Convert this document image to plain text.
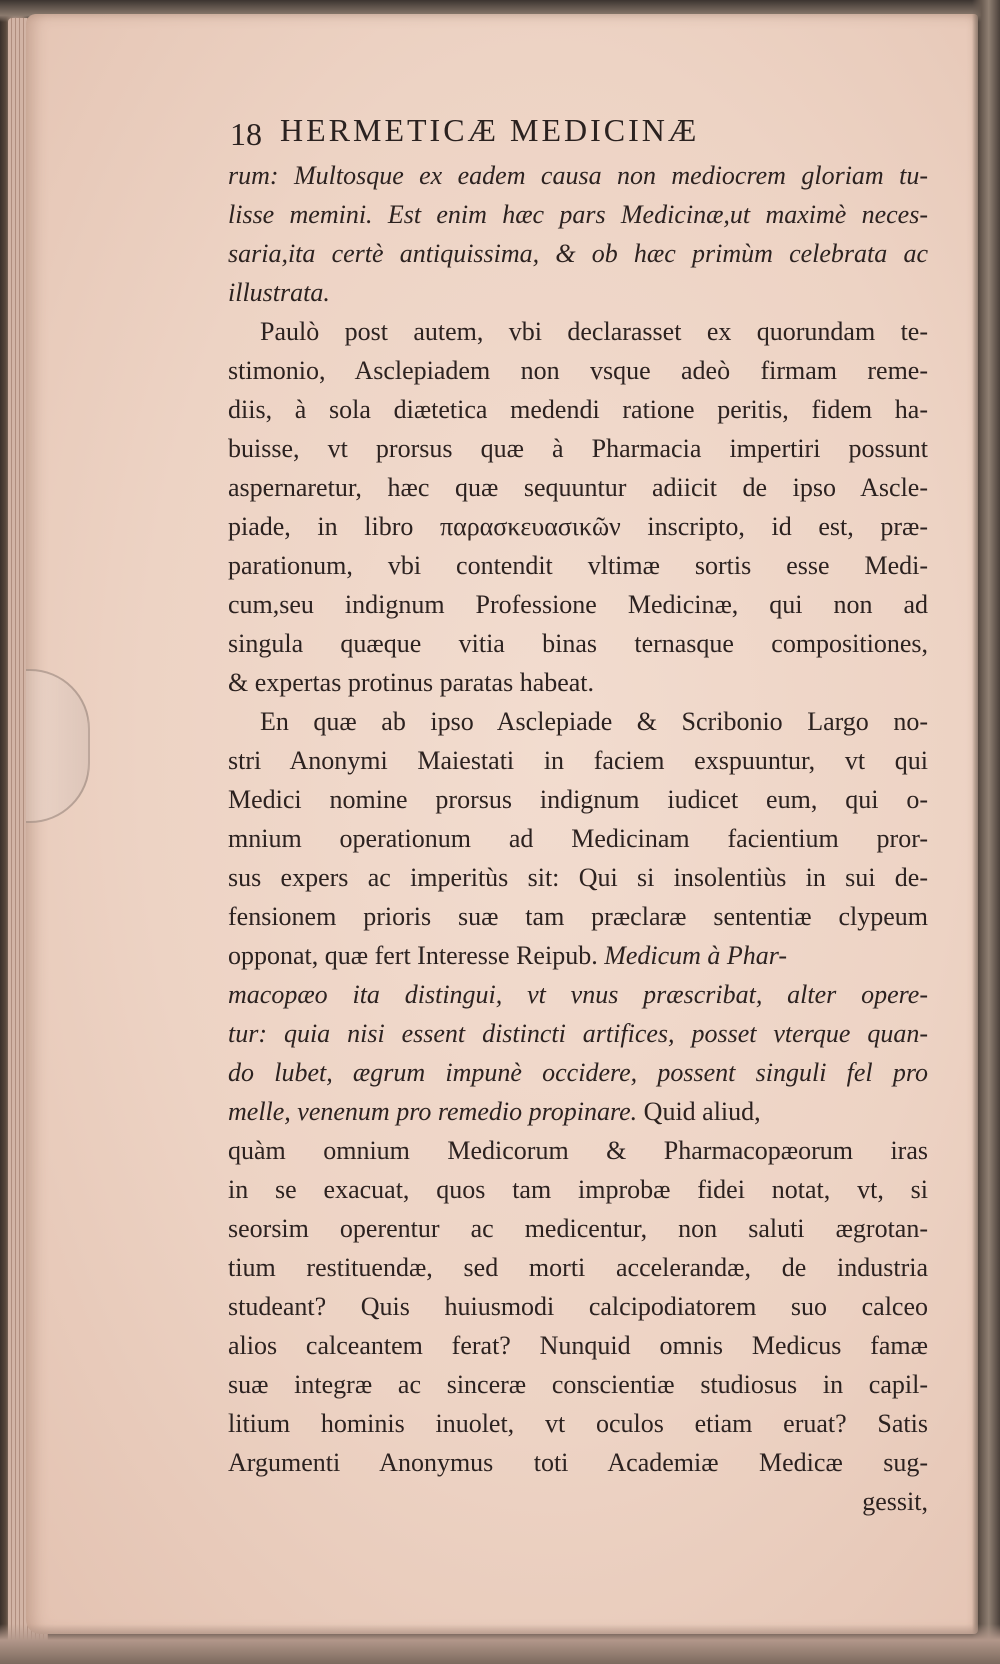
18 HERMETICÆ MEDICINÆ
rum: Multosque ex eadem causa non mediocrem gloriam tu-
lisse memini. Est enim hæc pars Medicinæ,ut maximè neces-
saria,ita certè antiquissima, & ob hæc primùm celebrata ac
illustrata.
Paulò post autem, vbi declarasset ex quorundam te-
stimonio, Asclepiadem non vsque adeò firmam reme-
diis, à sola diætetica medendi ratione peritis, fidem ha-
buisse, vt prorsus quæ à Pharmacia impertiri possunt
aspernaretur, hæc quæ sequuntur adiicit de ipso Ascle-
piade, in libro παρασκευασικῶν inscripto, id est, præ-
parationum, vbi contendit vltimæ sortis esse Medi-
cum,seu indignum Professione Medicinæ, qui non ad
singula quæque vitia binas ternasque compositiones,
& expertas protinus paratas habeat.
En quæ ab ipso Asclepiade & Scribonio Largo no-
stri Anonymi Maiestati in faciem exspuuntur, vt qui
Medici nomine prorsus indignum iudicet eum, qui o-
mnium operationum ad Medicinam facientium pror-
sus expers ac imperitùs sit: Qui si insolentiùs in sui de-
fensionem prioris suæ tam præclaræ sententiæ clypeum
opponat, quæ fert Interesse Reipub. Medicum à Phar-
macopæo ita distingui, vt vnus præscribat, alter opere-
tur: quia nisi essent distincti artifices, posset vterque quan-
do lubet, ægrum impunè occidere, possent singuli fel pro
melle, venenum pro remedio propinare. Quid aliud,
quàm omnium Medicorum & Pharmacopæorum iras
in se exacuat, quos tam improbæ fidei notat, vt, si
seorsim operentur ac medicentur, non saluti ægrotan-
tium restituendæ, sed morti accelerandæ, de industria
studeant? Quis huiusmodi calcipodiatorem suo calceo
alios calceantem ferat? Nunquid omnis Medicus famæ
suæ integræ ac sinceræ conscientiæ studiosus in capil-
litium hominis inuolet, vt oculos etiam eruat? Satis
Argumenti Anonymus toti Academiæ Medicæ sug-
gessit,
